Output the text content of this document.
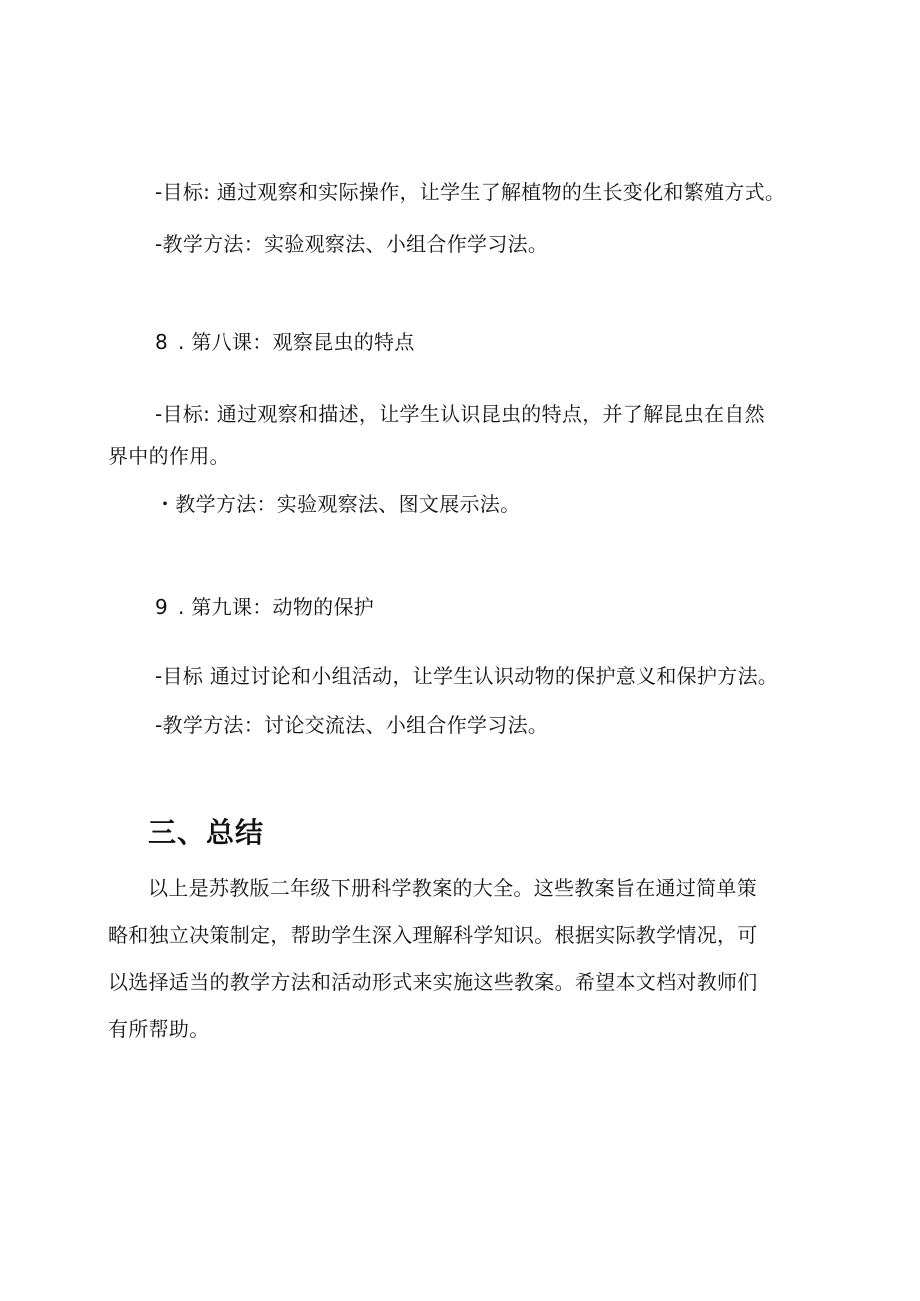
-目标: 通过观察和实际操作，让学生了解植物的生长变化和繁殖方式。
-教学方法：实验观察法、小组合作学习法。
8 . 第八课：观察昆虫的特点
-目标: 通过观察和描述，让学生认识昆虫的特点，并了解昆虫在自然
界中的作用。
・教学方法：实验观察法、图文展示法。
9 . 第九课：动物的保护
-目标 通过讨论和小组活动，让学生认识动物的保护意义和保护方法。
-教学方法：讨论交流法、小组合作学习法。
三、总结
以上是苏教版二年级下册科学教案的大全。这些教案旨在通过简单策
略和独立决策制定，帮助学生深入理解科学知识。根据实际教学情况，可
以选择适当的教学方法和活动形式来实施这些教案。希望本文档对教师们
有所帮助。
